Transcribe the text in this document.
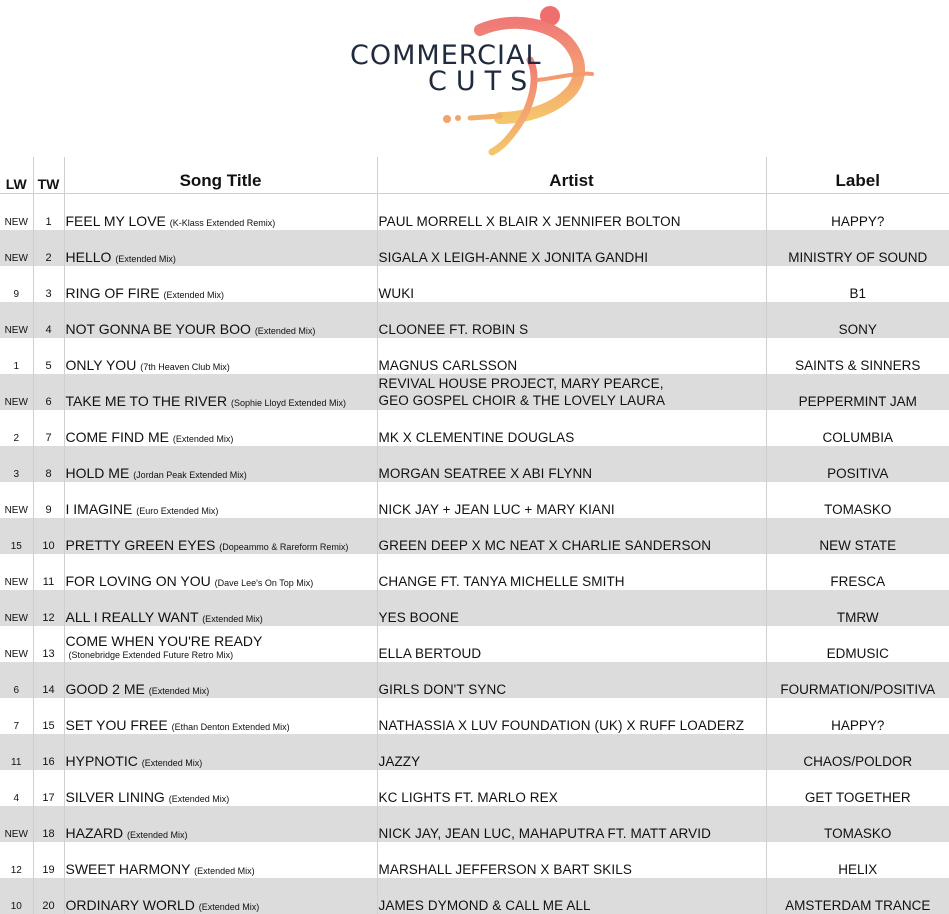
COMMERCIAL
CUTS
LW	TW	Song Title	Artist	Label
NEW	1	FEEL MY LOVE (K-Klass Extended Remix)	PAUL MORRELL X BLAIR X JENNIFER BOLTON	HAPPY?
NEW	2	HELLO (Extended Mix)	SIGALA X LEIGH-ANNE X JONITA GANDHI	MINISTRY OF SOUND
9	3	RING OF FIRE (Extended Mix)	WUKI	B1
NEW	4	NOT GONNA BE YOUR BOO (Extended Mix)	CLOONEE FT. ROBIN S	SONY
1	5	ONLY YOU (7th Heaven Club Mix)	MAGNUS CARLSSON	SAINTS & SINNERS
NEW	6	TAKE ME TO THE RIVER (Sophie Lloyd Extended Mix)	REVIVAL HOUSE PROJECT, MARY PEARCE,
GEO GOSPEL CHOIR & THE LOVELY LAURA	PEPPERMINT JAM
2	7	COME FIND ME (Extended Mix)	MK X CLEMENTINE DOUGLAS	COLUMBIA
3	8	HOLD ME (Jordan Peak Extended Mix)	MORGAN SEATREE X ABI FLYNN	POSITIVA
NEW	9	I IMAGINE (Euro Extended Mix)	NICK JAY + JEAN LUC + MARY KIANI	TOMASKO
15	10	PRETTY GREEN EYES (Dopeammo & Rareform Remix)	GREEN DEEP X MC NEAT X CHARLIE SANDERSON	NEW STATE
NEW	11	FOR LOVING ON YOU (Dave Lee's On Top Mix)	CHANGE FT. TANYA MICHELLE SMITH	FRESCA
NEW	12	ALL I REALLY WANT (Extended Mix)	YES BOONE	TMRW
NEW	13	COME WHEN YOU'RE READY
(Stonebridge Extended Future Retro Mix)	ELLA BERTOUD	EDMUSIC
6	14	GOOD 2 ME (Extended Mix)	GIRLS DON'T SYNC	FOURMATION/POSITIVA
7	15	SET YOU FREE (Ethan Denton Extended Mix)	NATHASSIA X LUV FOUNDATION (UK) X RUFF LOADERZ	HAPPY?
11	16	HYPNOTIC (Extended Mix)	JAZZY	CHAOS/POLDOR
4	17	SILVER LINING (Extended Mix)	KC LIGHTS FT. MARLO REX	GET TOGETHER
NEW	18	HAZARD (Extended Mix)	NICK JAY, JEAN LUC, MAHAPUTRA FT. MATT ARVID	TOMASKO
12	19	SWEET HARMONY (Extended Mix)	MARSHALL JEFFERSON X BART SKILS	HELIX
10	20	ORDINARY WORLD (Extended Mix)	JAMES DYMOND & CALL ME ALL	AMSTERDAM TRANCE
